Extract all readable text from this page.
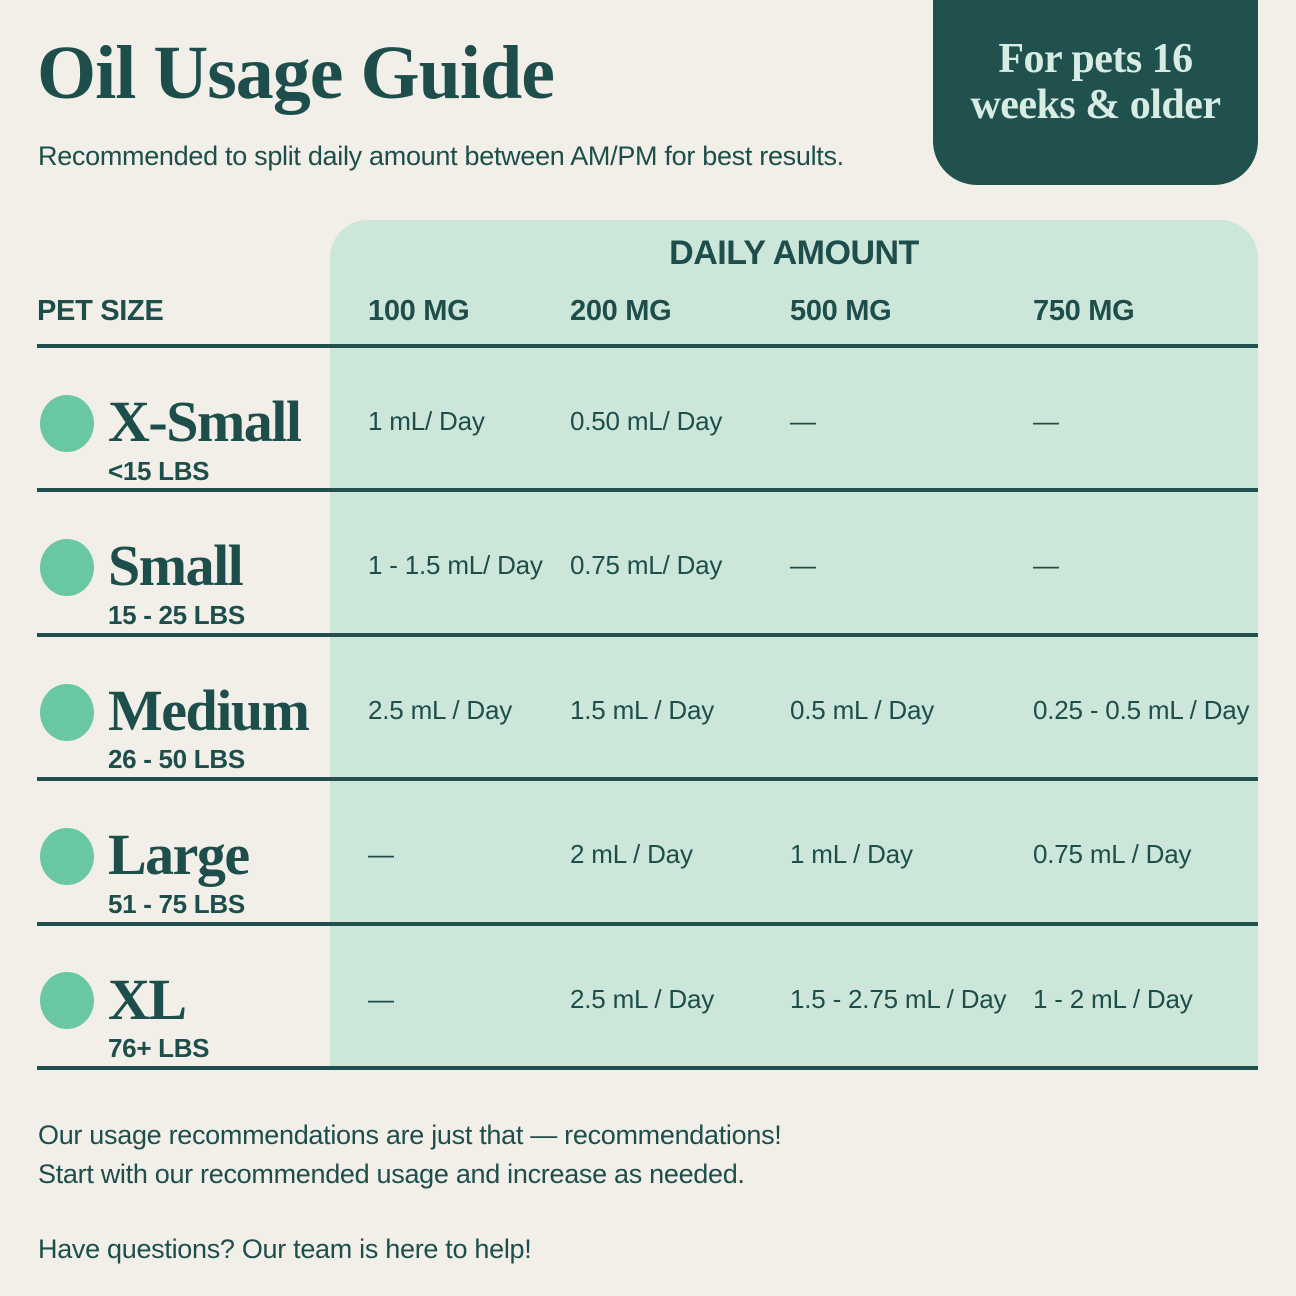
Oil Usage Guide

Recommended to split daily amount between AM/PM for best results.

For pets 16
weeks & older
DAILY AMOUNT
PET SIZE	100 MG	200 MG	500 MG	750 MG
X-Small
<15 LBS
1 mL/ Day	0.50 mL/ Day	—	—
Small
15 - 25 LBS
1 - 1.5 mL/ Day	0.75 mL/ Day	—	—
Medium
26 - 50 LBS
2.5 mL / Day	1.5 mL / Day	0.5 mL / Day	0.25 - 0.5 mL / Day
Large
51 - 75 LBS
—	2 mL / Day	1 mL / Day	0.75 mL / Day
XL
76+ LBS
—	2.5 mL / Day	1.5 - 2.75 mL / Day	1 - 2 mL / Day
Our usage recommendations are just that — recommendations!
Start with our recommended usage and increase as needed.
Have questions? Our team is here to help!
